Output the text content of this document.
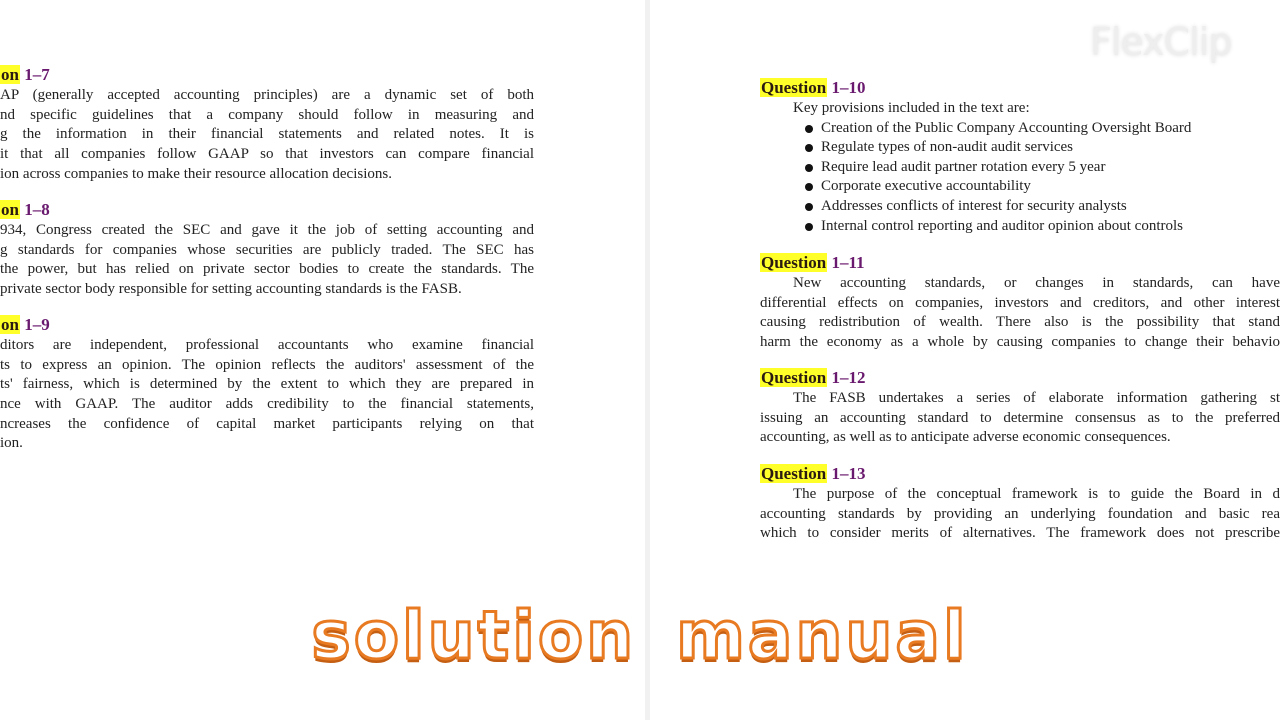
on 1–7
AP (generally accepted accounting principles) are a dynamic set of both
nd specific guidelines that a company should follow in measuring and
g the information in their financial statements and related notes. It is
it that all companies follow GAAP so that investors can compare financial
ion across companies to make their resource allocation decisions.
on 1–8
934, Congress created the SEC and gave it the job of setting accounting and
g standards for companies whose securities are publicly traded. The SEC has
the power, but has relied on private sector bodies to create the standards. The
private sector body responsible for setting accounting standards is the FASB.
on 1–9
ditors are independent, professional accountants who examine financial
ts to express an opinion. The opinion reflects the auditors' assessment of the
ts' fairness, which is determined by the extent to which they are prepared in
nce with GAAP. The auditor adds credibility to the financial statements,
ncreases the confidence of capital market participants relying on that
ion.
Question 1–10
Key provisions included in the text are:
Creation of the Public Company Accounting Oversight Board
Regulate types of non-audit audit services
Require lead audit partner rotation every 5 year
Corporate executive accountability
Addresses conflicts of interest for security analysts
Internal control reporting and auditor opinion about controls
Question 1–11
New accounting standards, or changes in standards, can have
differential effects on companies, investors and creditors, and other interest
causing redistribution of wealth. There also is the possibility that stand
harm the economy as a whole by causing companies to change their behavio
Question 1–12
The FASB undertakes a series of elaborate information gathering st
issuing an accounting standard to determine consensus as to the preferred
accounting, as well as to anticipate adverse economic consequences.
Question 1–13
The purpose of the conceptual framework is to guide the Board in d
accounting standards by providing an underlying foundation and basic rea
which to consider merits of alternatives. The framework does not prescribe
FlexClip
solution manual
